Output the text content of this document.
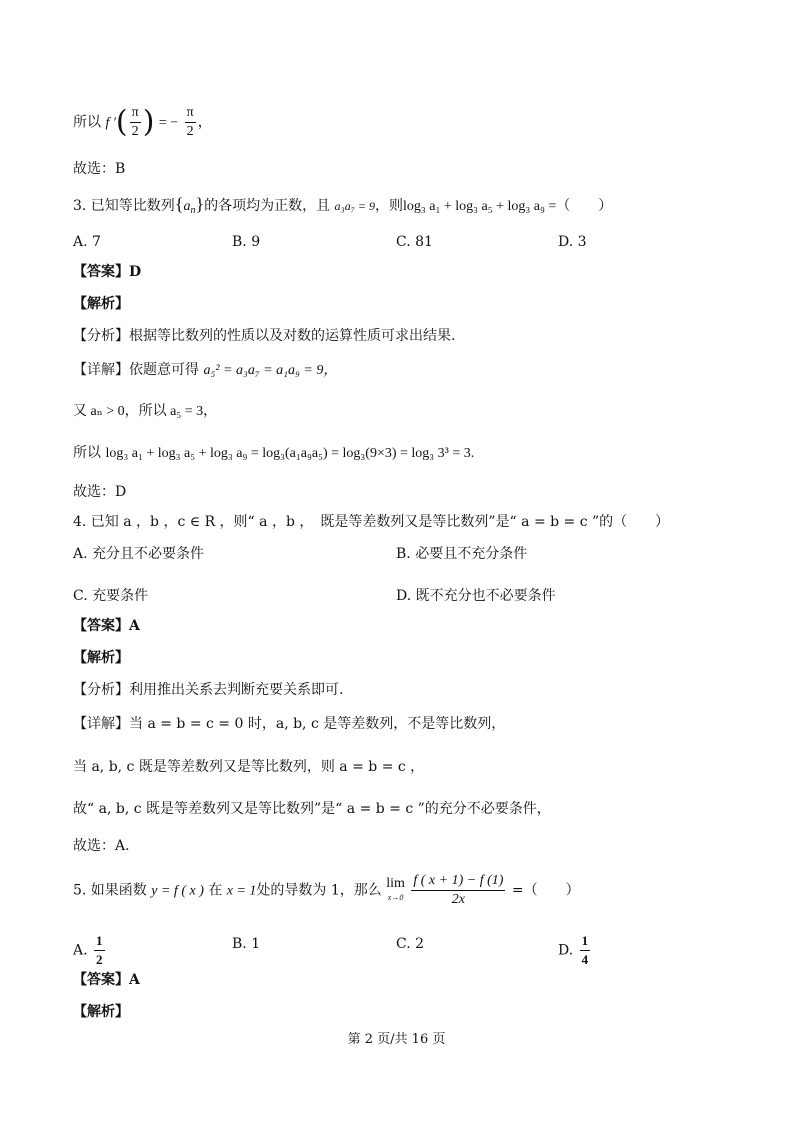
所以 f ′( $\frac{\pi}{2}$ ) = − $\frac{\pi}{2}$ ，
故选：B
3. 已知等比数列$\{a_n\}$的各项均为正数，且 a₃a₇ = 9，则log₃ a₁ + log₃ a₅ + log₃ a₉ =（　　）
A. 7	B. 9	C. 81	D. 3
【答案】D
【解析】
【分析】根据等比数列的性质以及对数的运算性质可求出结果.
【详解】依题意可得 a₅² = a₃a₇ = a₁a₉ = 9，
又 aₙ > 0，所以 a₅ = 3，
所以 log₃ a₁ + log₃ a₅ + log₃ a₉ = log₃(a₁a₉a₅) = log₃(9×3) = log₃ 3³ = 3.
故选：D
4. 已知 a ，b ，c ∈ R ，则“ a ，b ，　既是等差数列又是等比数列”是“ a = b = c ”的（　　）
A. 充分且不必要条件	B. 必要且不充分条件
C. 充要条件	D. 既不充分也不必要条件
【答案】A
【解析】
【分析】利用推出关系去判断充要关系即可.
【详解】当 a = b = c = 0 时，a, b, c 是等差数列，不是等比数列，
当 a, b, c 既是等差数列又是等比数列，则 a = b = c ，
故“ a, b, c 既是等差数列又是等比数列”是“ a = b = c ”的充分不必要条件，
故选：A.
5. 如果函数 y = f ( x ) 在 x = 1处的导数为 1，那么 lim
x→0
$\frac{f ( x + 1) - f (1)}{2x}$ =（　　）
A. $\frac{1}{2}$	B. 1	C. 2	D. $\frac{1}{4}$
【答案】A
【解析】
第 2 页/共 16 页
